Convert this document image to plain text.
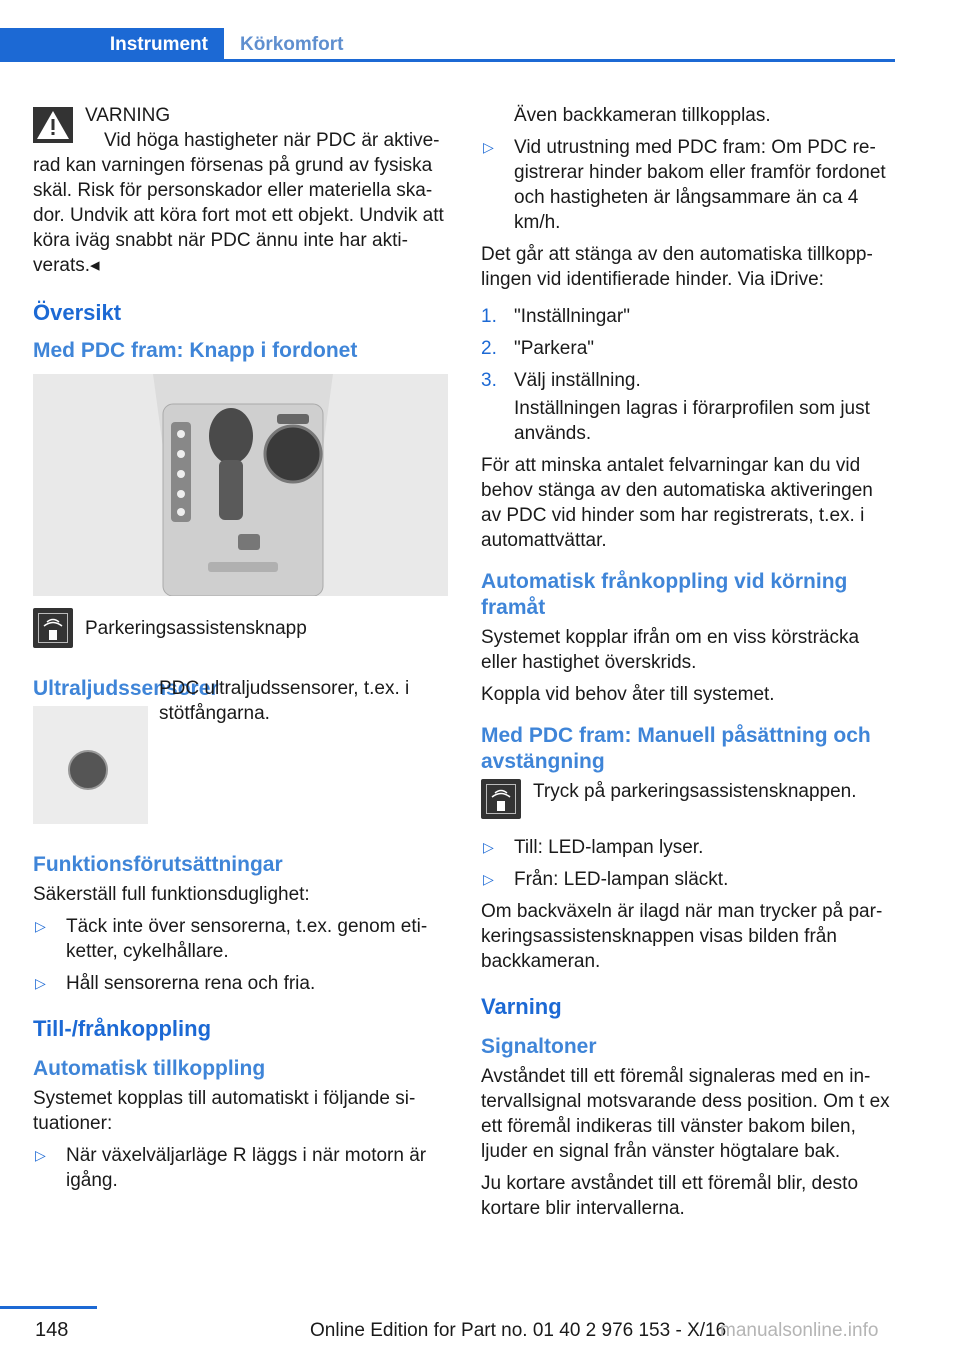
Instrument	Körkomfort
VARNING

Vid höga hastigheter när PDC är aktiverad kan varningen försenas på grund av fysiska skäl. Risk för personskador eller materiella skador. Undvik att köra fort mot ett objekt. Undvik att köra iväg snabbt när PDC ännu inte har aktiverats.◂

Översikt
Med PDC fram: Knapp i fordonet
Parkeringsassistensknapp
Ultraljudssensorer

PDC ultraljudssensorer, t.ex. i stötfångarna.

Funktionsförutsättningar

Säkerställ full funktionsduglighet:

▷ Täck inte över sensorerna, t.ex. genom etiketter, cykelhållare.
▷ Håll sensorerna rena och fria.
Till-/frånkoppling
Automatisk tillkoppling

Systemet kopplas till automatiskt i följande situationer:

▷ När växelväljarläge R läggs i när motorn är igång.

Även backkameran tillkopplas.

▷ Vid utrustning med PDC fram: Om PDC registrerar hinder bakom eller framför fordonet och hastigheten är långsammare än ca 4 km/h.

Det går att stänga av den automatiska tillkopplingen vid identifierade hinder. Via iDrive:

1. "Inställningar"
2. "Parkera"
3. Välj inställning.

Inställningen lagras i förarprofilen som just används.

För att minska antalet felvarningar kan du vid behov stänga av den automatiska aktiveringen av PDC vid hinder som har registrerats, t.ex. i automattvättar.

Automatisk frånkoppling vid körning framåt

Systemet kopplar ifrån om en viss körsträcka eller hastighet överskrids.

Koppla vid behov åter till systemet.

Med PDC fram: Manuell påsättning och avstängning
Tryck på parkeringsassistensknappen.
▷ Till: LED-lampan lyser.
▷ Från: LED-lampan släckt.

Om backväxeln är ilagd när man trycker på parkeringsassistensknappen visas bilden från backkameran.

Varning
Signaltoner

Avståndet till ett föremål signaleras med en intervallsignal motsvarande dess position. Om t ex ett föremål indikeras till vänster bakom bilen, ljuder en signal från vänster högtalare bak.

Ju kortare avståndet till ett föremål blir, desto kortare blir intervallerna.

148	Online Edition for Part no. 01 40 2 976 153 - X/16
manualsonline.info
